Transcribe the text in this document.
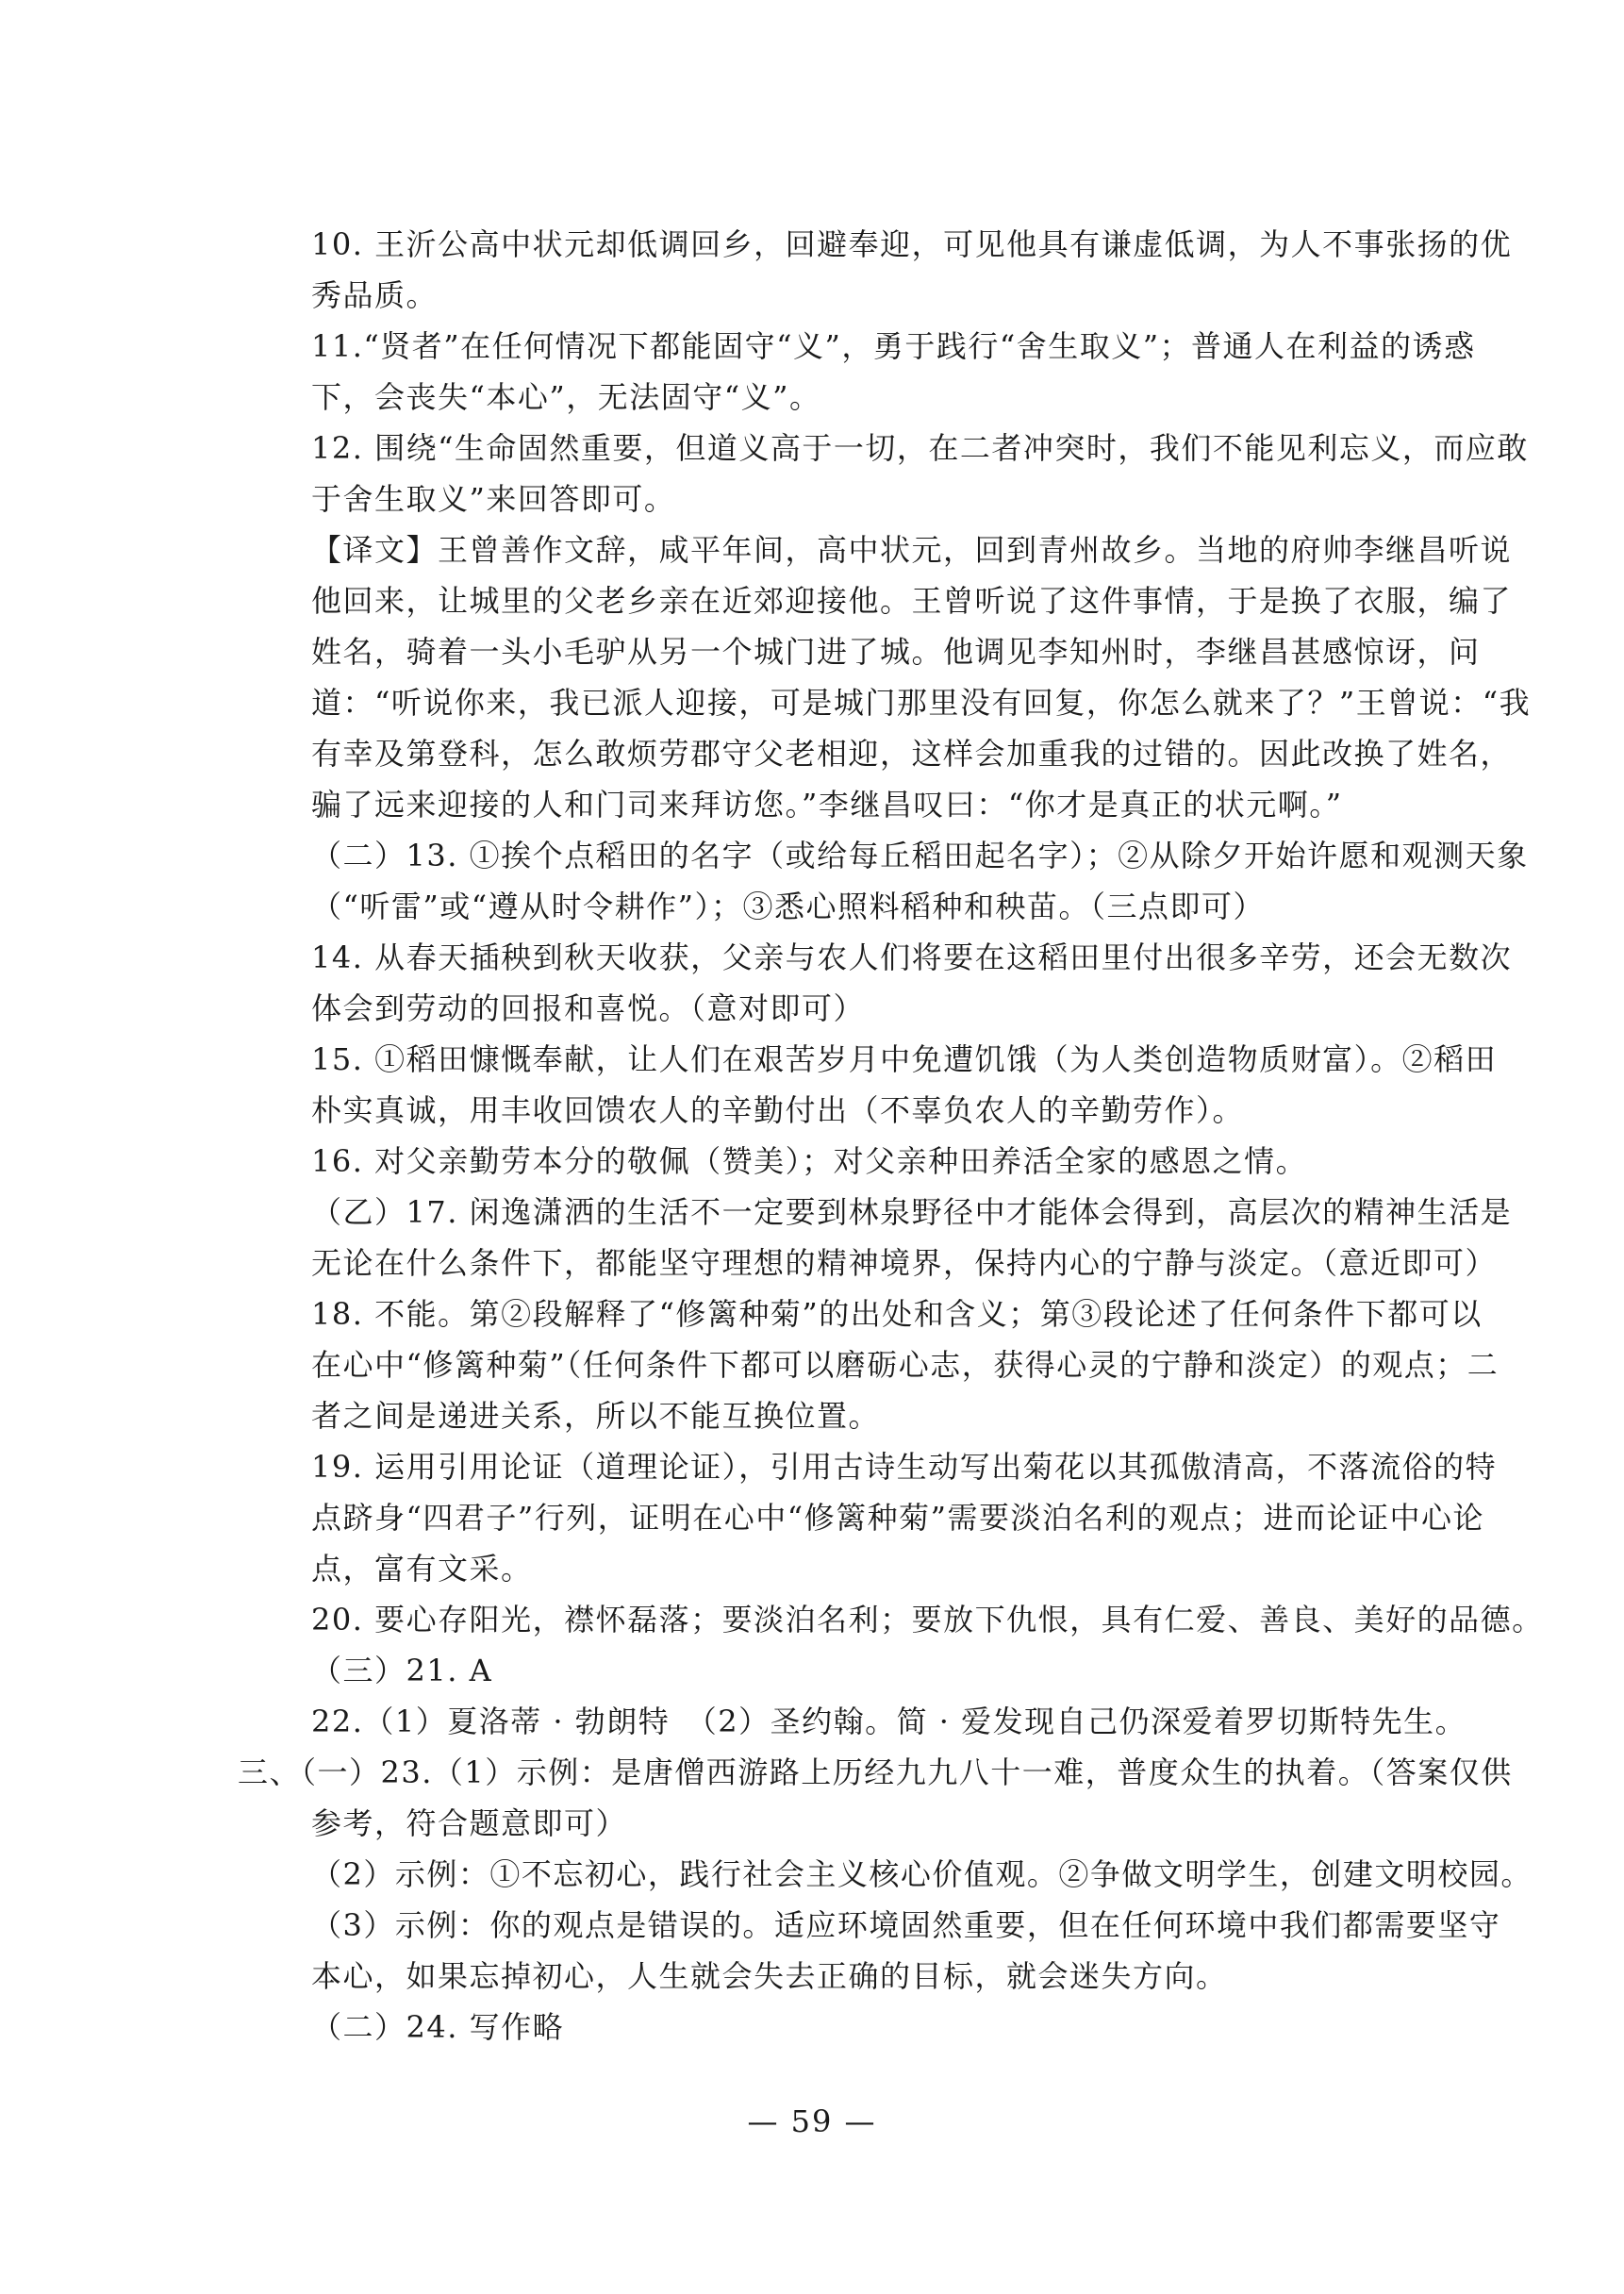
10. 王沂公高中状元却低调回乡，回避奉迎，可见他具有谦虚低调，为人不事张扬的优
秀品质。
11.“贤者”在任何情况下都能固守“义”，勇于践行“舍生取义”；普通人在利益的诱惑
下，会丧失“本心”，无法固守“义”。
12. 围绕“生命固然重要，但道义高于一切，在二者冲突时，我们不能见利忘义，而应敢
于舍生取义”来回答即可。
【译文】王曾善作文辞，咸平年间，高中状元，回到青州故乡。当地的府帅李继昌听说
他回来，让城里的父老乡亲在近郊迎接他。王曾听说了这件事情，于是换了衣服，编了
姓名，骑着一头小毛驴从另一个城门进了城。他调见李知州时，李继昌甚感惊讶，问
道：“听说你来，我已派人迎接，可是城门那里没有回复，你怎么就来了？”王曾说：“我
有幸及第登科，怎么敢烦劳郡守父老相迎，这样会加重我的过错的。因此改换了姓名，
骗了远来迎接的人和门司来拜访您。”李继昌叹曰：“你才是真正的状元啊。”
（二）13. ①挨个点稻田的名字（或给每丘稻田起名字）；②从除夕开始许愿和观测天象
（“听雷”或“遵从时令耕作”）；③悉心照料稻种和秧苗。（三点即可）
14. 从春天插秧到秋天收获，父亲与农人们将要在这稻田里付出很多辛劳，还会无数次
体会到劳动的回报和喜悦。（意对即可）
15. ①稻田慷慨奉献，让人们在艰苦岁月中免遭饥饿（为人类创造物质财富）。②稻田
朴实真诚，用丰收回馈农人的辛勤付出（不辜负农人的辛勤劳作）。
16. 对父亲勤劳本分的敬佩（赞美）；对父亲种田养活全家的感恩之情。
（乙）17. 闲逸潇洒的生活不一定要到林泉野径中才能体会得到，高层次的精神生活是
无论在什么条件下，都能坚守理想的精神境界，保持内心的宁静与淡定。（意近即可）
18. 不能。第②段解释了“修篱种菊”的出处和含义；第③段论述了任何条件下都可以
在心中“修篱种菊”（任何条件下都可以磨砺心志，获得心灵的宁静和淡定）的观点；二
者之间是递进关系，所以不能互换位置。
19. 运用引用论证（道理论证），引用古诗生动写出菊花以其孤傲清高，不落流俗的特
点跻身“四君子”行列，证明在心中“修篱种菊”需要淡泊名利的观点；进而论证中心论
点，富有文采。
20. 要心存阳光，襟怀磊落；要淡泊名利；要放下仇恨，具有仁爱、善良、美好的品德。
（三）21. A
22.（1）夏洛蒂 · 勃朗特　（2）圣约翰。简 · 爱发现自己仍深爱着罗切斯特先生。
三、（一）23.（1）示例：是唐僧西游路上历经九九八十一难，普度众生的执着。（答案仅供
参考，符合题意即可）
（2）示例：①不忘初心，践行社会主义核心价值观。②争做文明学生，创建文明校园。
（3）示例：你的观点是错误的。适应环境固然重要，但在任何环境中我们都需要坚守
本心，如果忘掉初心，人生就会失去正确的目标，就会迷失方向。
（二）24. 写作略
— 59 —
